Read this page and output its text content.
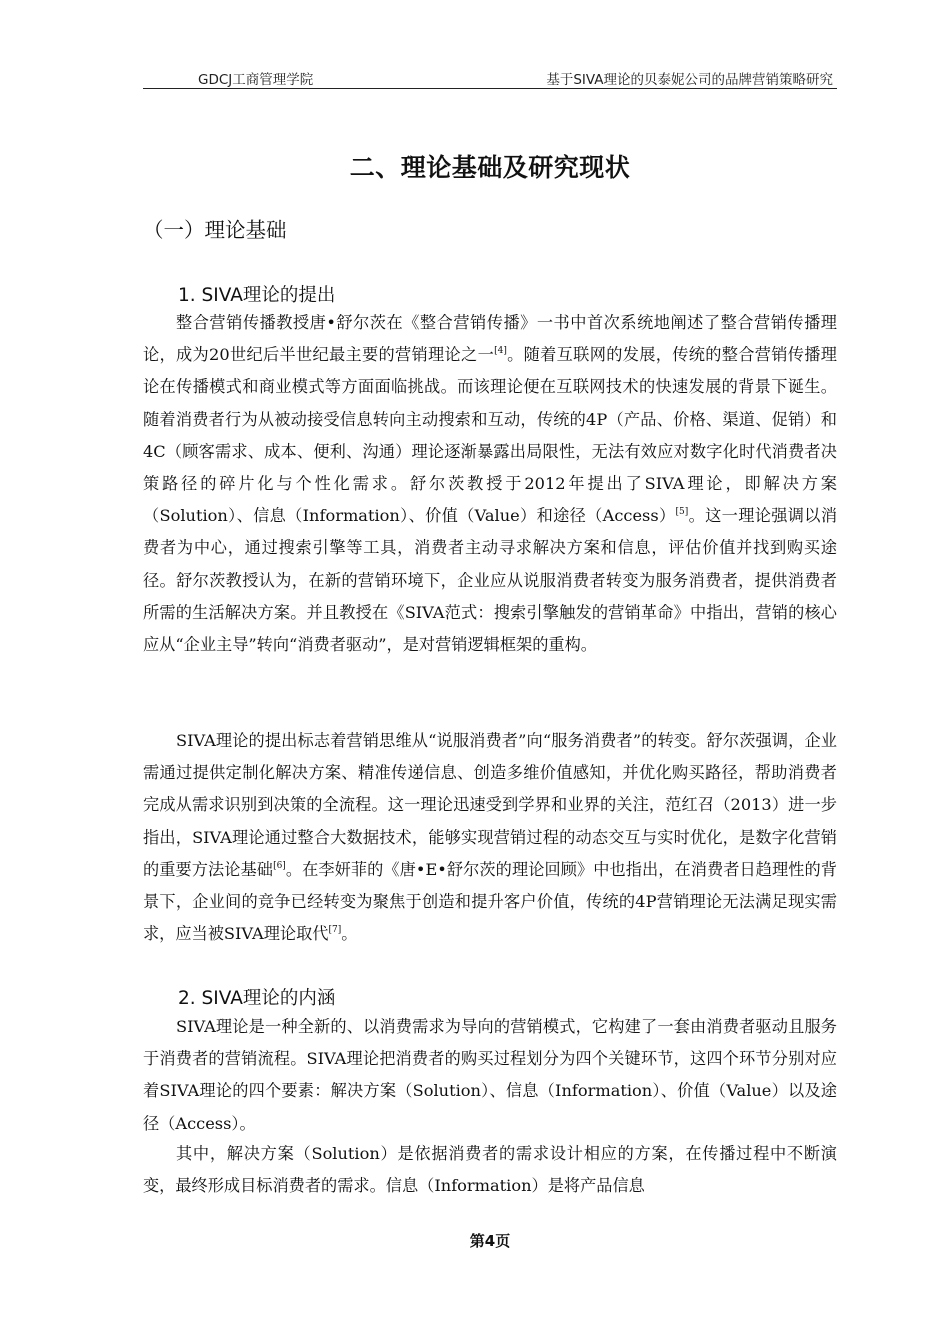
GDCJ工商管理学院	基于SIVA理论的贝泰妮公司的品牌营销策略研究
二、理论基础及研究现状
（一）理论基础
1. SIVA理论的提出

整合营销传播教授唐•舒尔茨在《整合营销传播》一书中首次系统地阐述了整合营销传播理论，成为20世纪后半世纪最主要的营销理论之一[4]。随着互联网的发展，传统的整合营销传播理论在传播模式和商业模式等方面面临挑战。而该理论便在互联网技术的快速发展的背景下诞生。随着消费者行为从被动接受信息转向主动搜索和互动，传统的4P（产品、价格、渠道、促销）和4C（顾客需求、成本、便利、沟通）理论逐渐暴露出局限性，无法有效应对数字化时代消费者决策路径的碎片化与个性化需求。舒尔茨教授于2012年提出了SIVA理论，即解决方案（Solution）、信息（Information）、价值（Value）和途径（Access）[5]。这一理论强调以消费者为中心，通过搜索引擎等工具，消费者主动寻求解决方案和信息，评估价值并找到购买途径。舒尔茨教授认为，在新的营销环境下，企业应从说服消费者转变为服务消费者，提供消费者所需的生活解决方案。并且教授在《SIVA范式：搜索引擎触发的营销革命》中指出，营销的核心应从“企业主导”转向“消费者驱动”，是对营销逻辑框架的重构。

SIVA理论的提出标志着营销思维从“说服消费者”向“服务消费者”的转变。舒尔茨强调，企业需通过提供定制化解决方案、精准传递信息、创造多维价值感知，并优化购买路径，帮助消费者完成从需求识别到决策的全流程。这一理论迅速受到学界和业界的关注，范红召（2013）进一步指出，SIVA理论通过整合大数据技术，能够实现营销过程的动态交互与实时优化，是数字化营销的重要方法论基础[6]。在李妍菲的《唐•E•舒尔茨的理论回顾》中也指出，在消费者日趋理性的背景下，企业间的竞争已经转变为聚焦于创造和提升客户价值，传统的4P营销理论无法满足现实需求，应当被SIVA理论取代[7]。

2. SIVA理论的内涵

SIVA理论是一种全新的、以消费需求为导向的营销模式，它构建了一套由消费者驱动且服务于消费者的营销流程。SIVA理论把消费者的购买过程划分为四个关键环节，这四个环节分别对应着SIVA理论的四个要素：解决方案（Solution）、信息（Information）、价值（Value）以及途径（Access）。

其中，解决方案（Solution）是依据消费者的需求设计相应的方案，在传播过程中不断演变，最终形成目标消费者的需求。信息（Information）是将产品信息

第4页
